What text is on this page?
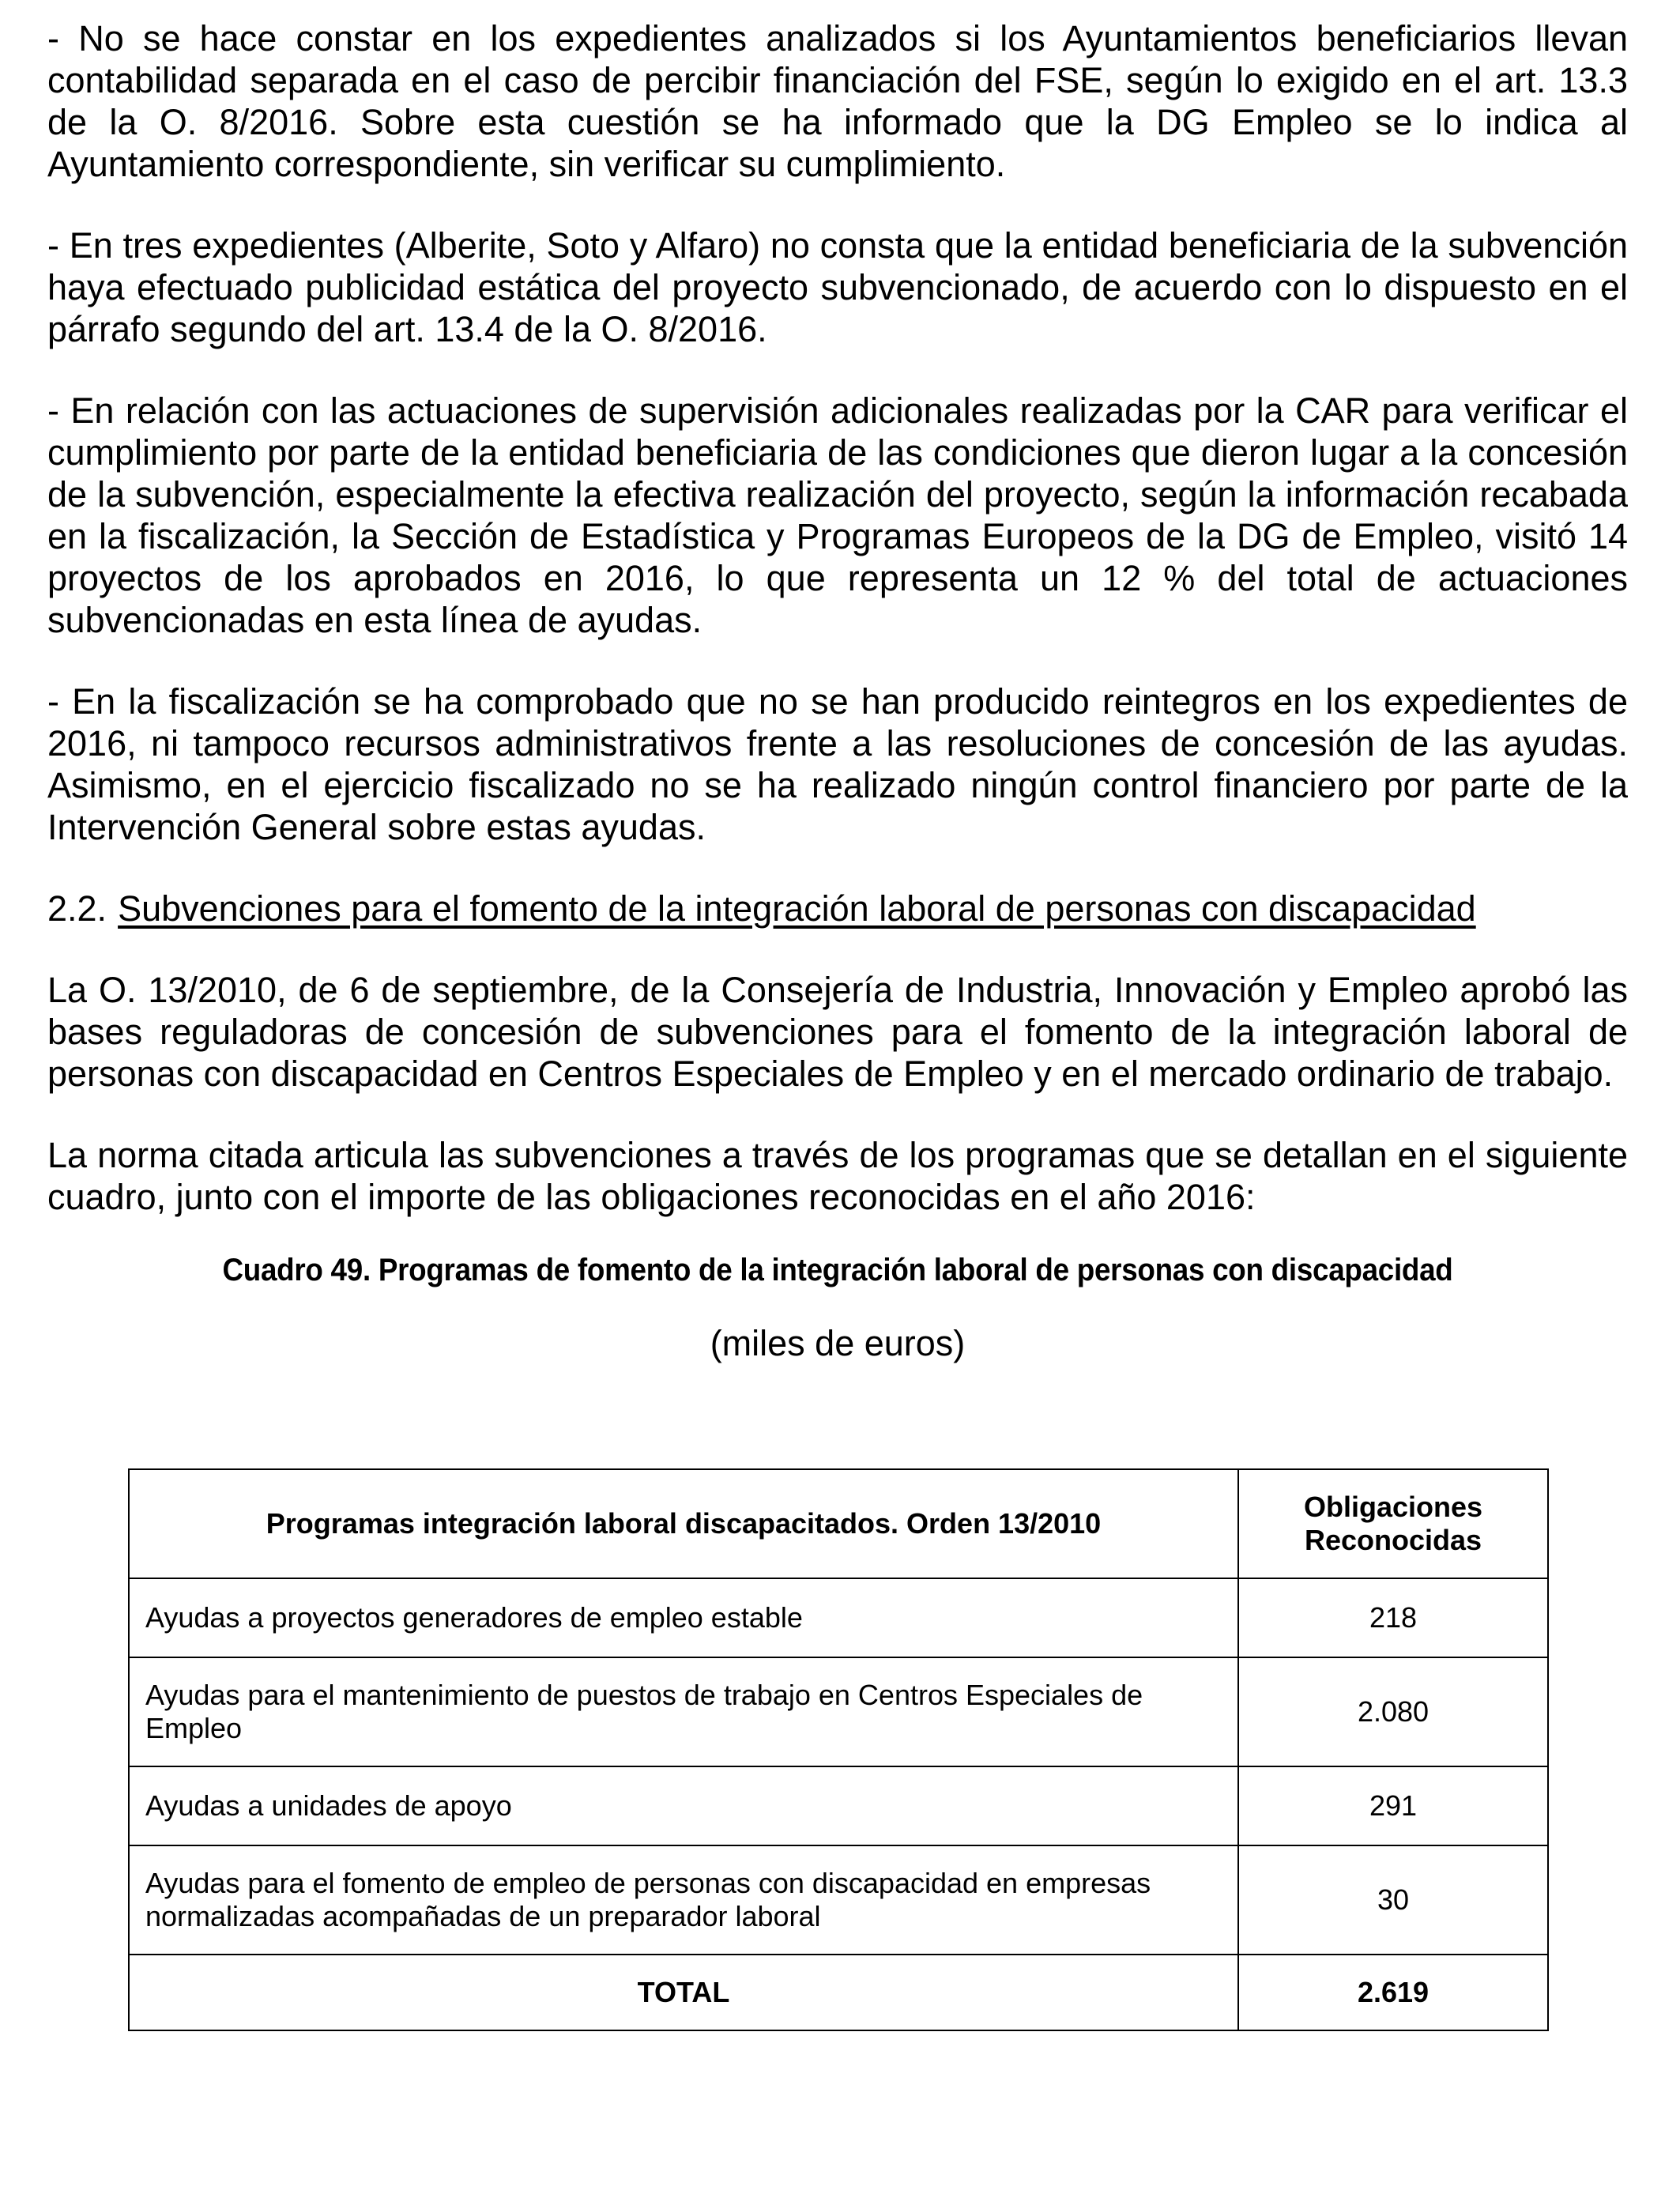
- No se hace constar en los expedientes analizados si los Ayuntamientos beneficiarios llevan contabilidad separada en el caso de percibir financiación del FSE, según lo exigido en el art. 13.3 de la O. 8/2016. Sobre esta cuestión se ha informado que la DG Empleo se lo indica al Ayuntamiento correspondiente, sin verificar su cumplimiento.

- En tres expedientes (Alberite, Soto y Alfaro) no consta que la entidad beneficiaria de la subvención haya efectuado publicidad estática del proyecto subvencionado, de acuerdo con lo dispuesto en el párrafo segundo del art. 13.4 de la O. 8/2016.

- En relación con las actuaciones de supervisión adicionales realizadas por la CAR para verificar el cumplimiento por parte de la entidad beneficiaria de las condiciones que dieron lugar a la concesión de la subvención, especialmente la efectiva realización del proyecto, según la información recabada en la fiscalización, la Sección de Estadística y Programas Europeos de la DG de Empleo, visitó 14 proyectos de los aprobados en 2016, lo que representa un 12 % del total de actuaciones subvencionadas en esta línea de ayudas.

- En la fiscalización se ha comprobado que no se han producido reintegros en los expedientes de 2016, ni tampoco recursos administrativos frente a las resoluciones de concesión de las ayudas. Asimismo, en el ejercicio fiscalizado no se ha realizado ningún control financiero por parte de la Intervención General sobre estas ayudas.

2.2. Subvenciones para el fomento de la integración laboral de personas con discapacidad

La O. 13/2010, de 6 de septiembre, de la Consejería de Industria, Innovación y Empleo aprobó las bases reguladoras de concesión de subvenciones para el fomento de la integración laboral de personas con discapacidad en Centros Especiales de Empleo y en el mercado ordinario de trabajo.

La norma citada articula las subvenciones a través de los programas que se detallan en el siguiente cuadro, junto con el importe de las obligaciones reconocidas en el año 2016:

Cuadro 49. Programas de fomento de la integración laboral de personas con discapacidad

(miles de euros)

Programas integración laboral discapacitados. Orden 13/2010	Obligaciones
Reconocidas
Ayudas a proyectos generadores de empleo estable	218
Ayudas para el mantenimiento de puestos de trabajo en Centros Especiales de Empleo	2.080
Ayudas a unidades de apoyo	291
Ayudas para el fomento de empleo de personas con discapacidad en empresas normalizadas acompañadas de un preparador laboral	30
TOTAL	2.619
